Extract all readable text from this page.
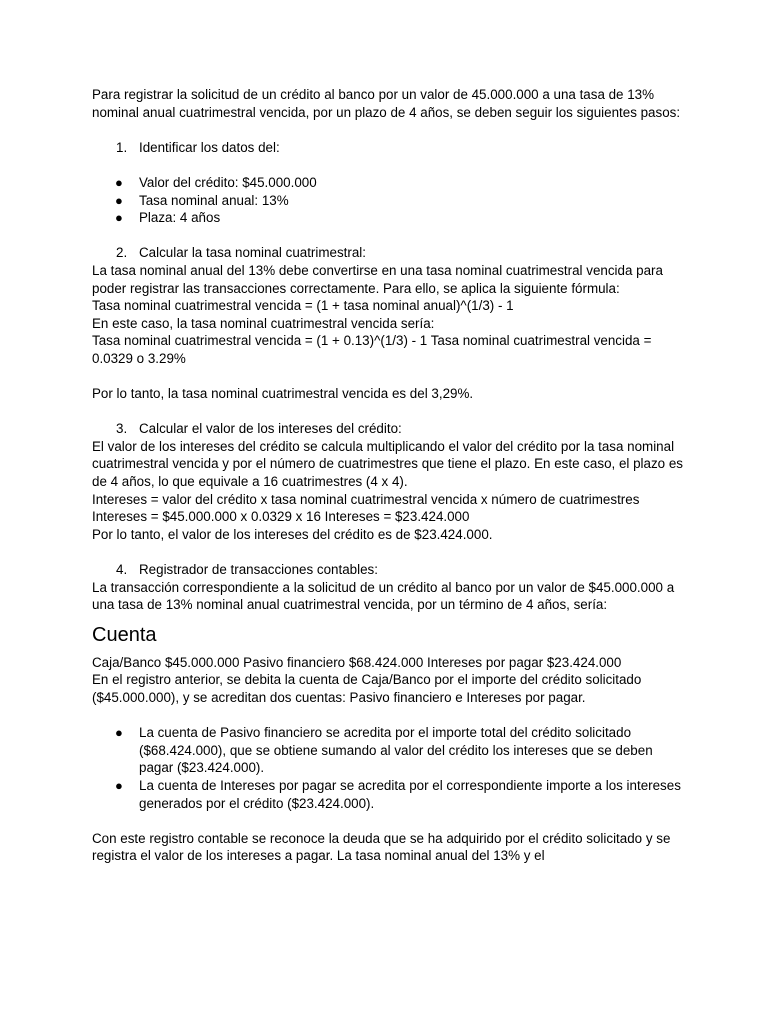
Para registrar la solicitud de un crédito al banco por un valor de 45.000.000 a una tasa de 13% nominal anual cuatrimestral vencida, por un plazo de 4 años, se deben seguir los siguientes pasos:

1. Identificar los datos del:
● Valor del crédito: $45.000.000
● Tasa nominal anual: 13%
● Plaza: 4 años
2. Calcular la tasa nominal cuatrimestral:

La tasa nominal anual del 13% debe convertirse en una tasa nominal cuatrimestral vencida para poder registrar las transacciones correctamente. Para ello, se aplica la siguiente fórmula:

Tasa nominal cuatrimestral vencida = (1 + tasa nominal anual)^(1/3) - 1

En este caso, la tasa nominal cuatrimestral vencida sería:

Tasa nominal cuatrimestral vencida = (1 + 0.13)^(1/3) - 1 Tasa nominal cuatrimestral vencida = 0.0329 o 3.29%

Por lo tanto, la tasa nominal cuatrimestral vencida es del 3,29%.

3. Calcular el valor de los intereses del crédito:

El valor de los intereses del crédito se calcula multiplicando el valor del crédito por la tasa nominal cuatrimestral vencida y por el número de cuatrimestres que tiene el plazo. En este caso, el plazo es de 4 años, lo que equivale a 16 cuatrimestres (4 x 4).

Intereses = valor del crédito x tasa nominal cuatrimestral vencida x número de cuatrimestres

Intereses = $45.000.000 x 0.0329 x 16 Intereses = $23.424.000

Por lo tanto, el valor de los intereses del crédito es de $23.424.000.

4. Registrador de transacciones contables:

La transacción correspondiente a la solicitud de un crédito al banco por un valor de $45.000.000 a una tasa de 13% nominal anual cuatrimestral vencida, por un término de 4 años, sería:

Cuenta

Caja/Banco $45.000.000 Pasivo financiero $68.424.000 Intereses por pagar $23.424.000

En el registro anterior, se debita la cuenta de Caja/Banco por el importe del crédito solicitado ($45.000.000), y se acreditan dos cuentas: Pasivo financiero e Intereses por pagar.

● La cuenta de Pasivo financiero se acredita por el importe total del crédito solicitado ($68.424.000), que se obtiene sumando al valor del crédito los intereses que se deben pagar ($23.424.000).
● La cuenta de Intereses por pagar se acredita por el correspondiente importe a los intereses generados por el crédito ($23.424.000).

Con este registro contable se reconoce la deuda que se ha adquirido por el crédito solicitado y se registra el valor de los intereses a pagar. La tasa nominal anual del 13% y el
